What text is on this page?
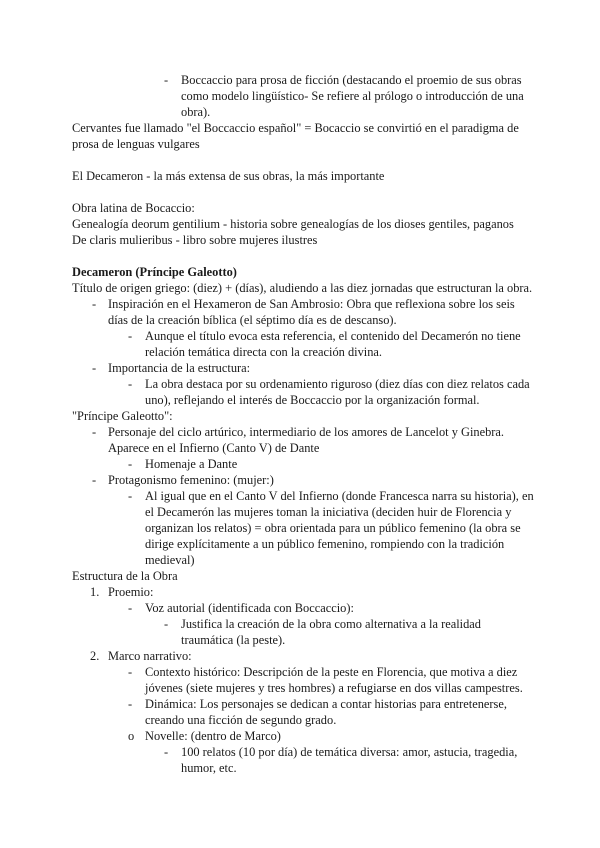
- Boccaccio para prosa de ficción (destacando el proemio de sus obras
como modelo lingüístico- Se refiere al prólogo o introducción de una
obra).
Cervantes fue llamado "el Boccaccio español" = Bocaccio se convirtió en el paradigma de
prosa de lenguas vulgares
El Decameron - la más extensa de sus obras, la más importante
Obra latina de Bocaccio:
Genealogía deorum gentilium - historia sobre genealogías de los dioses gentiles, paganos
De claris mulieribus - libro sobre mujeres ilustres
Decameron (Príncipe Galeotto)
Título de origen griego: (diez) + (días), aludiendo a las diez jornadas que estructuran la obra.
- Inspiración en el Hexameron de San Ambrosio: Obra que reflexiona sobre los seis
días de la creación bíblica (el séptimo día es de descanso).
- Aunque el título evoca esta referencia, el contenido del Decamerón no tiene
relación temática directa con la creación divina.
- Importancia de la estructura:
- La obra destaca por su ordenamiento riguroso (diez días con diez relatos cada
uno), reflejando el interés de Boccaccio por la organización formal.
"Príncipe Galeotto":
- Personaje del ciclo artúrico, intermediario de los amores de Lancelot y Ginebra.
Aparece en el Infierno (Canto V) de Dante
- Homenaje a Dante
- Protagonismo femenino: (mujer:)
- Al igual que en el Canto V del Infierno (donde Francesca narra su historia), en
el Decamerón las mujeres toman la iniciativa (deciden huir de Florencia y
organizan los relatos) = obra orientada para un público femenino (la obra se
dirige explícitamente a un público femenino, rompiendo con la tradición
medieval)
Estructura de la Obra
1. Proemio:
- Voz autorial (identificada con Boccaccio):
- Justifica la creación de la obra como alternativa a la realidad
traumática (la peste).
2. Marco narrativo:
- Contexto histórico: Descripción de la peste en Florencia, que motiva a diez
jóvenes (siete mujeres y tres hombres) a refugiarse en dos villas campestres.
- Dinámica: Los personajes se dedican a contar historias para entretenerse,
creando una ficción de segundo grado.
o Novelle: (dentro de Marco)
- 100 relatos (10 por día) de temática diversa: amor, astucia, tragedia,
humor, etc.
